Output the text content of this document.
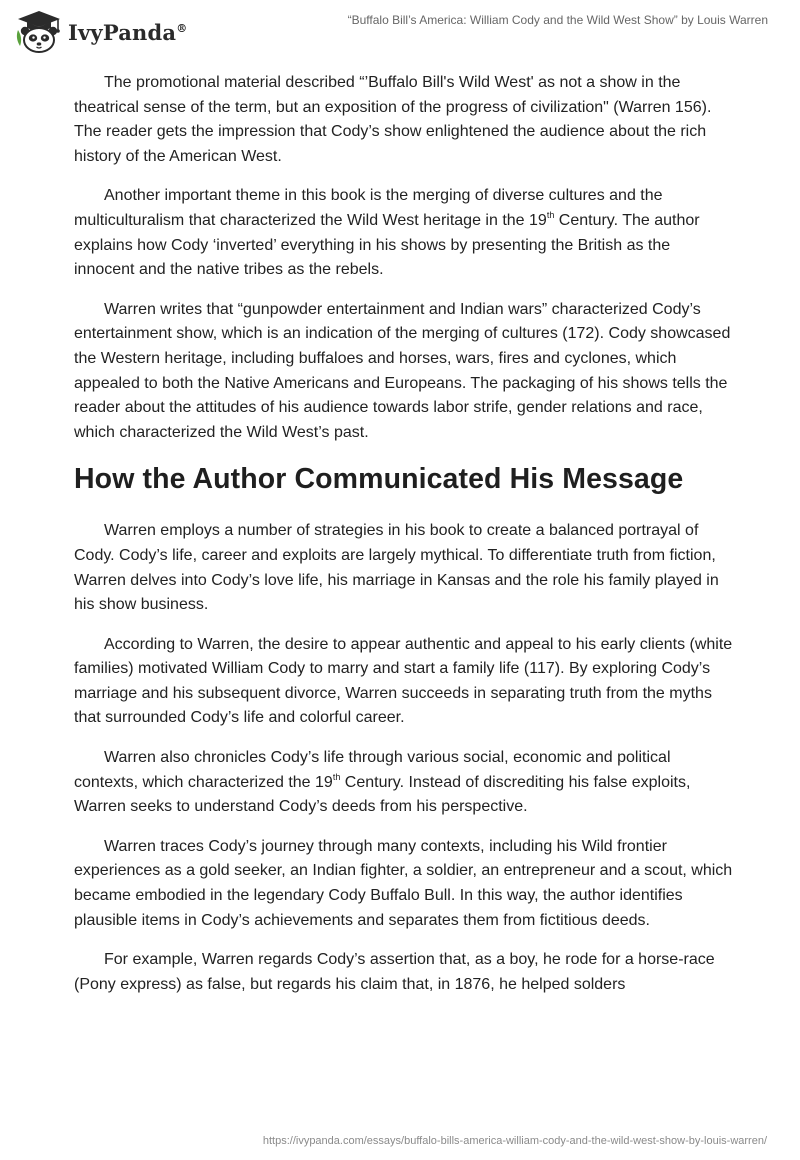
IvyPanda®
“Buffalo Bill’s America: William Cody and the Wild West Show” by Louis Warren

The promotional material described “’Buffalo Bill's Wild West' as not a show in the theatrical sense of the term, but an exposition of the progress of civilization" (Warren 156). The reader gets the impression that Cody’s show enlightened the audience about the rich history of the American West.

Another important theme in this book is the merging of diverse cultures and the multiculturalism that characterized the Wild West heritage in the 19th Century. The author explains how Cody ‘inverted’ everything in his shows by presenting the British as the innocent and the native tribes as the rebels.

Warren writes that “gunpowder entertainment and Indian wars” characterized Cody’s entertainment show, which is an indication of the merging of cultures (172). Cody showcased the Western heritage, including buffaloes and horses, wars, fires and cyclones, which appealed to both the Native Americans and Europeans. The packaging of his shows tells the reader about the attitudes of his audience towards labor strife, gender relations and race, which characterized the Wild West’s past.

How the Author Communicated His Message

Warren employs a number of strategies in his book to create a balanced portrayal of Cody. Cody’s life, career and exploits are largely mythical. To differentiate truth from fiction, Warren delves into Cody’s love life, his marriage in Kansas and the role his family played in his show business.

According to Warren, the desire to appear authentic and appeal to his early clients (white families) motivated William Cody to marry and start a family life (117). By exploring Cody’s marriage and his subsequent divorce, Warren succeeds in separating truth from the myths that surrounded Cody’s life and colorful career.

Warren also chronicles Cody’s life through various social, economic and political contexts, which characterized the 19th Century. Instead of discrediting his false exploits, Warren seeks to understand Cody’s deeds from his perspective.

Warren traces Cody’s journey through many contexts, including his Wild frontier experiences as a gold seeker, an Indian fighter, a soldier, an entrepreneur and a scout, which became embodied in the legendary Cody Buffalo Bull. In this way, the author identifies plausible items in Cody’s achievements and separates them from fictitious deeds.

For example, Warren regards Cody’s assertion that, as a boy, he rode for a horse-race (Pony express) as false, but regards his claim that, in 1876, he helped solders

https://ivypanda.com/essays/buffalo-bills-america-william-cody-and-the-wild-west-show-by-louis-warren/
